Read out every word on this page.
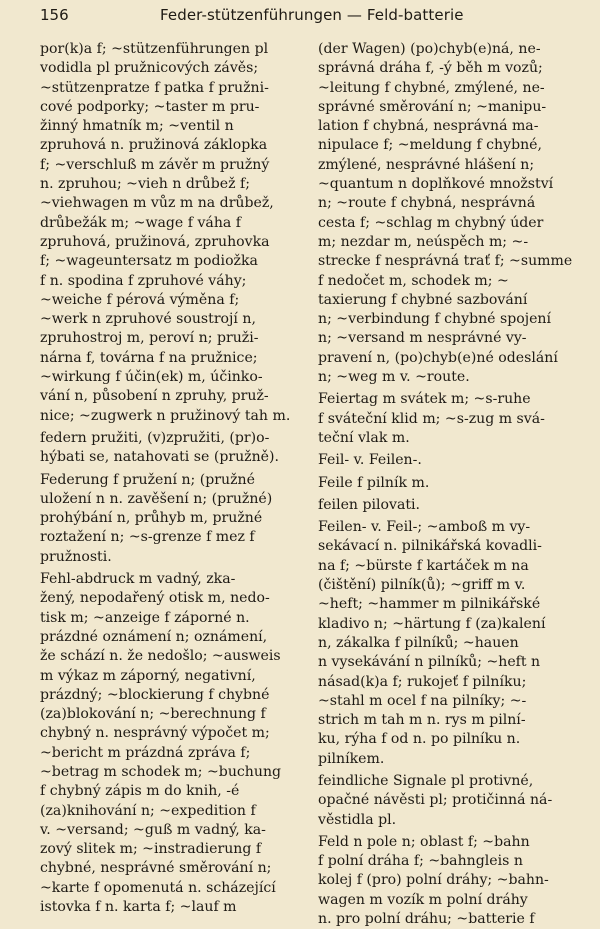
156	Feder-stützenführungen — Feld-batterie
por(k)a f; ~stützenführungen pl
vodidla pl pružnicových závěs;
~stützenpratze f patka f pružni-
cové podporky; ~taster m pru-
žinný hmatník m; ~ventil n
zpruhová n. pružinová záklopka
f; ~verschluß m závěr m pružný
n. zpruhou; ~vieh n drůbež f;
~viehwagen m vůz m na drůbež,
drůbežák m; ~wage f váha f
zpruhová, pružinová, zpruhovka
f; ~wageuntersatz m podiožka
f n. spodina f zpruhové váhy;
~weiche f pérová výměna f;
~werk n zpruhové soustrojí n,
zpruhostroj m, peroví n; pruži-
nárna f, továrna f na pružnice;
~wirkung f účin(ek) m, účinko-
vání n, působení n zpruhy, pruž-
nice; ~zugwerk n pružinový tah m.
federn pružiti, (v)zpružiti, (pr)o-
hýbati se, natahovati se (pružně).
Federung f pružení n; (pružné
uložení n n. zavěšení n; (pružné)
prohýbání n, průhyb m, pružné
roztažení n; ~s-grenze f mez f
pružnosti.
Fehl-abdruck m vadný, zka-
žený, nepodařený otisk m, nedo-
tisk m; ~anzeige f záporné n.
prázdné oznámení n; oznámení,
že schází n. že nedošlo; ~ausweis
m výkaz m záporný, negativní,
prázdný; ~blockierung f chybné
(za)blokování n; ~berechnung f
chybný n. nesprávný výpočet m;
~bericht m prázdná zpráva f;
~betrag m schodek m; ~buchung
f chybný zápis m do knih, -é
(za)knihování n; ~expedition f
v. ~versand; ~guß m vadný, ka-
zový slitek m; ~instradierung f
chybné, nesprávné směrování n;
~karte f opomenutá n. scházející
istovka f n. karta f; ~lauf m
(der Wagen) (po)chyb(e)ná, ne-
správná dráha f, -ý běh m vozů;
~leitung f chybné, zmýlené, ne-
správné směrování n; ~manipu-
lation f chybná, nesprávná ma-
nipulace f; ~meldung f chybné,
zmýlené, nesprávné hlášení n;
~quantum n doplňkové množství
n; ~route f chybná, nesprávná
cesta f; ~schlag m chybný úder
m; nezdar m, neúspěch m; ~-
strecke f nesprávná trať f; ~summe
f nedočet m, schodek m; ~
taxierung f chybné sazbování
n; ~verbindung f chybné spojení
n; ~versand m nesprávné vy-
pravení n, (po)chyb(e)né odeslání
n; ~weg m v. ~route.
Feiertag m svátek m; ~s-ruhe
f sváteční klid m; ~s-zug m svá-
teční vlak m.
Feil- v. Feilen-.
Feile f pilník m.
feilen pilovati.
Feilen- v. Feil-; ~amboß m vy-
sekávací n. pilnikářská kovadli-
na f; ~bürste f kartáček m na
(čištění) pilník(ů); ~griff m v.
~heft; ~hammer m pilnikářské
kladivo n; ~härtung f (za)kalení
n, zákalka f pilníků; ~hauen
n vysekávání n pilníků; ~heft n
násad(k)a f; rukojeť f pilníku;
~stahl m ocel f na pilníky; ~-
strich m tah m n. rys m pilní-
ku, rýha f od n. po pilníku n.
pilníkem.
feindliche Signale pl protivné,
opačné návěsti pl; protičinná ná-
věstidla pl.
Feld n pole n; oblast f; ~bahn
f polní dráha f; ~bahngleis n
kolej f (pro) polní dráhy; ~bahn-
wagen m vozík m polní dráhy
n. pro polní dráhu; ~batterie f
